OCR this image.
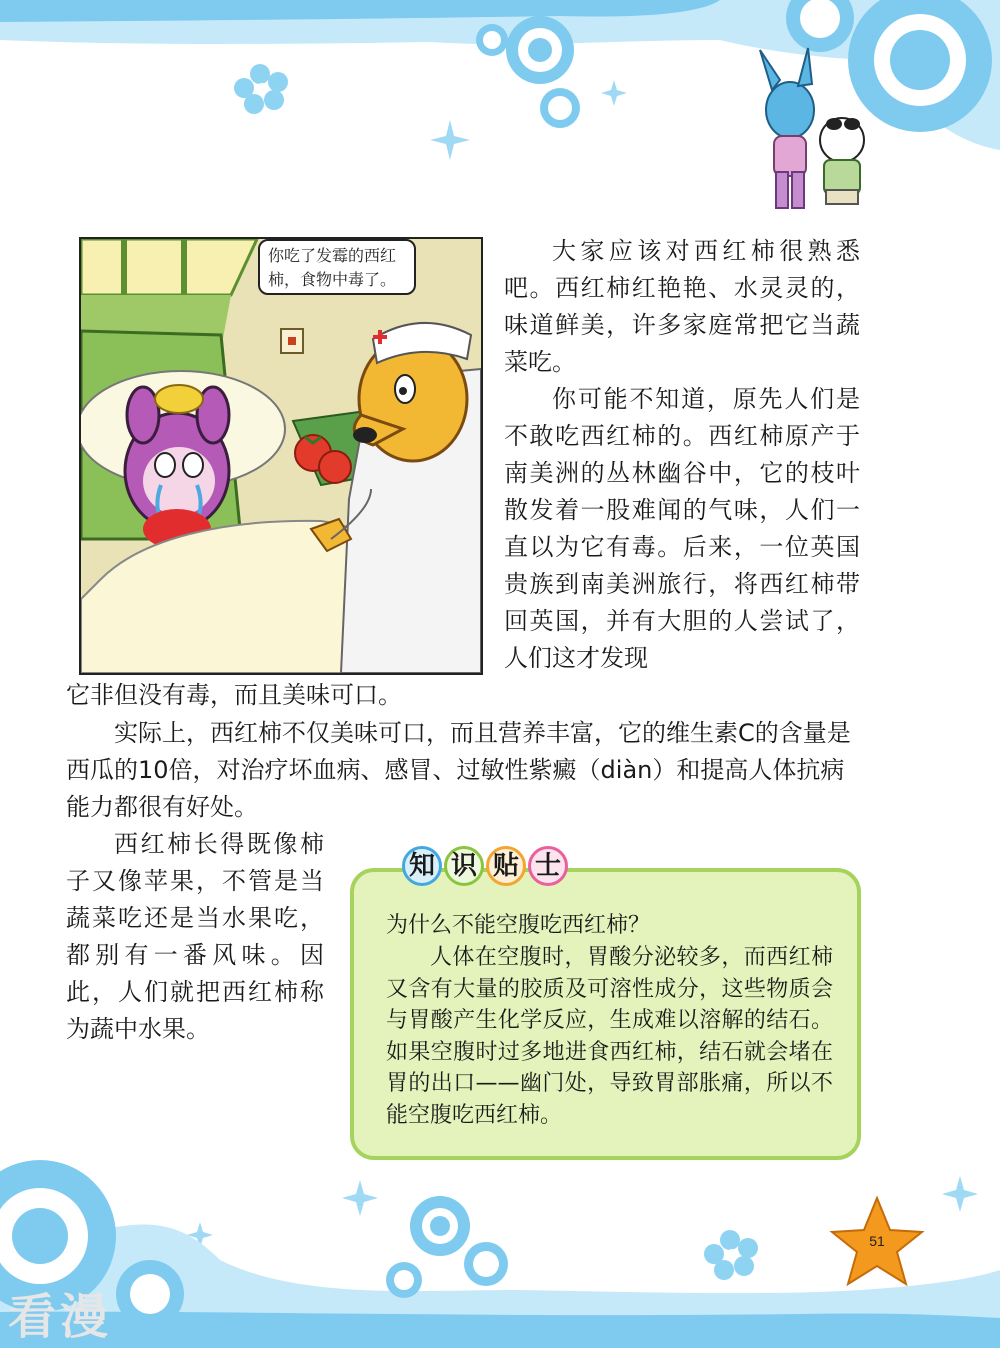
你吃了发霉的西红柿，食物中毒了。

大家应该对西红柿很熟悉吧。西红柿红艳艳、水灵灵的，味道鲜美，许多家庭常把它当蔬菜吃。

你可能不知道，原先人们是不敢吃西红柿的。西红柿原产于南美洲的丛林幽谷中，它的枝叶散发着一股难闻的气味，人们一直以为它有毒。后来，一位英国贵族到南美洲旅行，将西红柿带回英国，并有大胆的人尝试了，人们这才发现

它非但没有毒，而且美味可口。

实际上，西红柿不仅美味可口，而且营养丰富，它的维生素C的含量是西瓜的10倍，对治疗坏血病、感冒、过敏性紫癜（diàn）和提高人体抗病能力都很有好处。

西红柿长得既像柿子又像苹果，不管是当蔬菜吃还是当水果吃，都别有一番风味。因此，人们就把西红柿称为蔬中水果。

知 识 贴 士

为什么不能空腹吃西红柿？

人体在空腹时，胃酸分泌较多，而西红柿又含有大量的胶质及可溶性成分，这些物质会与胃酸产生化学反应，生成难以溶解的结石。如果空腹时过多地进食西红柿，结石就会堵在胃的出口——幽门处，导致胃部胀痛，所以不能空腹吃西红柿。

51
看漫
